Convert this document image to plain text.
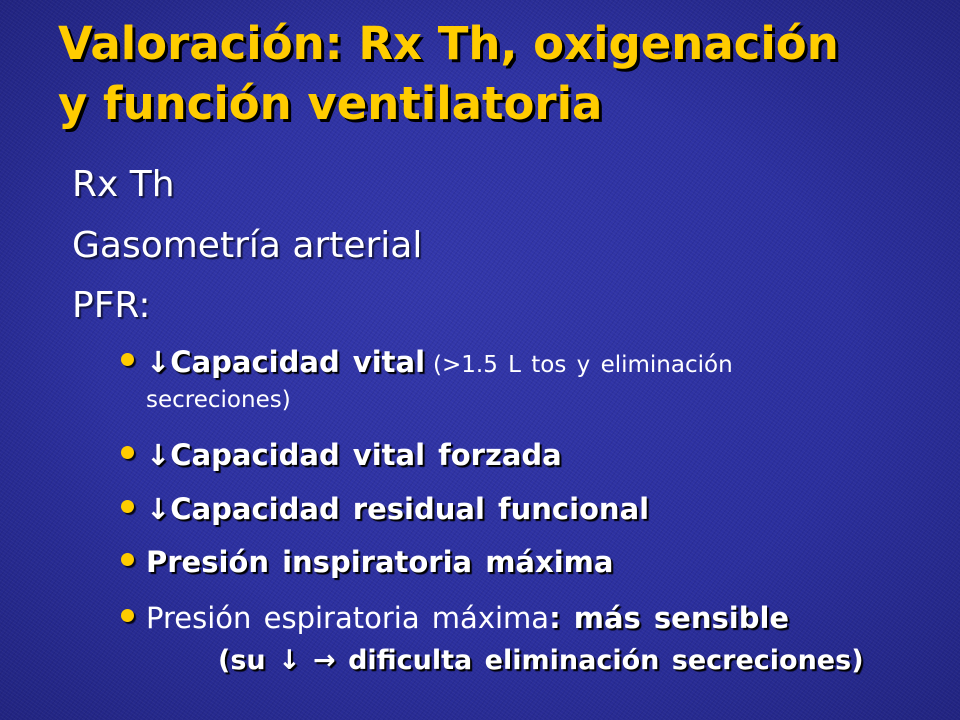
Valoración: Rx Th, oxigenación
y función ventilatoria
Rx Th
Gasometría arterial
PFR:
↓Capacidad vital (>1.5 L tos y eliminación secreciones)
↓Capacidad vital forzada
↓Capacidad residual funcional
Presión inspiratoria máxima
Presión espiratoria máxima: más sensible
(su ↓ → dificulta eliminación secreciones)
